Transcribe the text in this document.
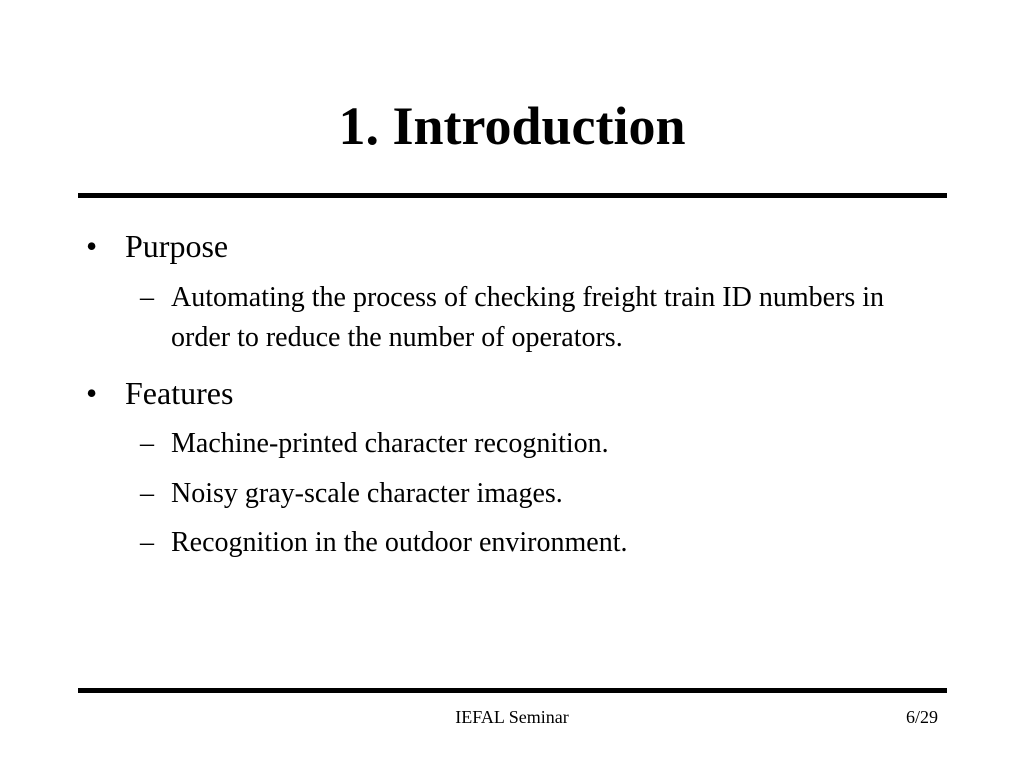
1. Introduction
• Purpose
– Automating the process of checking freight train ID numbers in order to reduce the number of operators.
• Features
– Machine-printed character recognition.
– Noisy gray-scale character images.
– Recognition in the outdoor environment.
IEFAL Seminar	6/29
